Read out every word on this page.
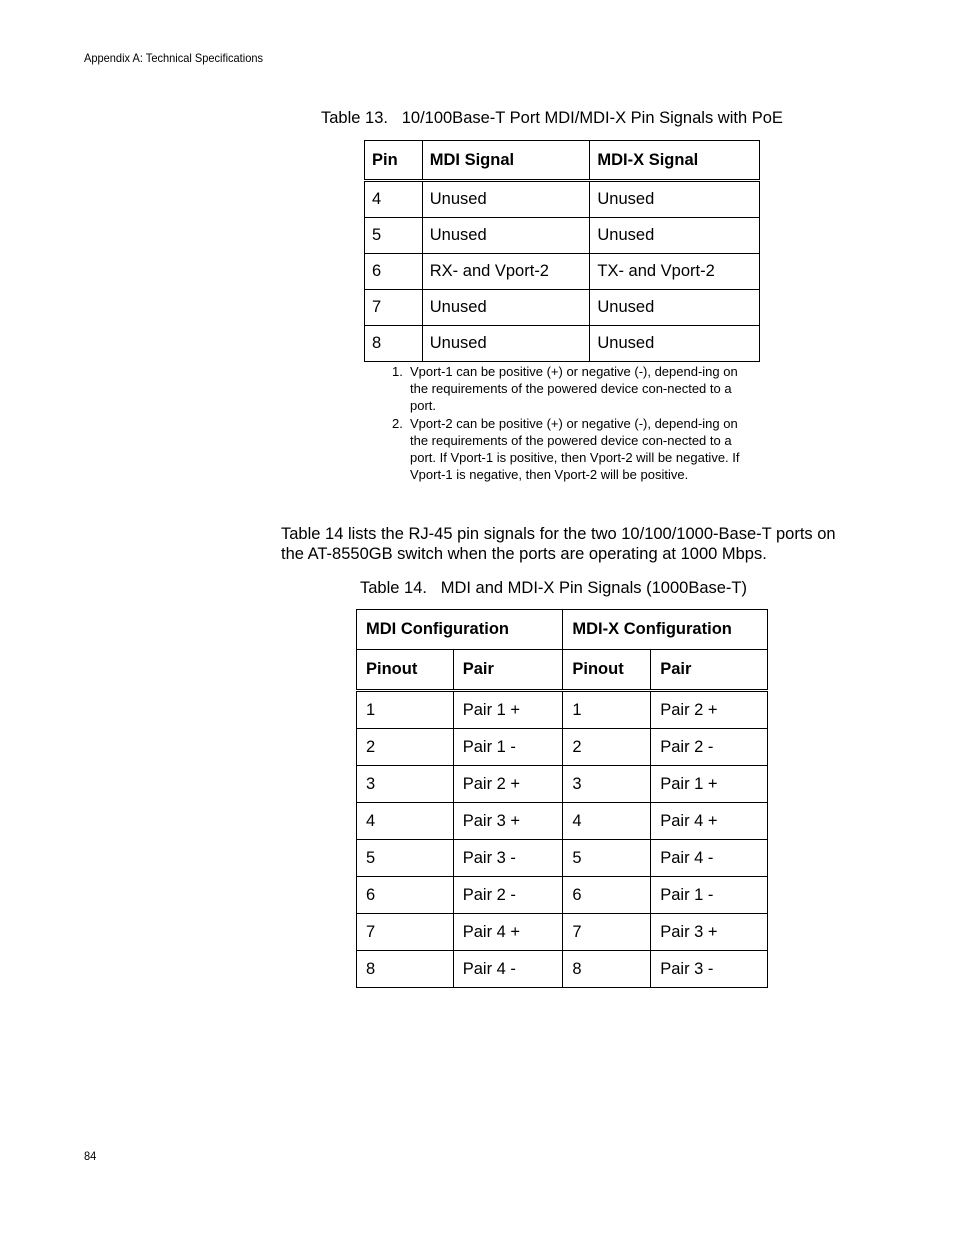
Appendix A: Technical Specifications
Table 13.   10/100Base-T Port MDI/MDI-X Pin Signals with PoE
Pin	MDI Signal	MDI-X Signal
4	Unused	Unused
5	Unused	Unused
6	RX- and Vport-2	TX- and Vport-2
7	Unused	Unused
8	Unused	Unused
1. Vport-1 can be positive (+) or negative (-), depend-ing on the requirements of the powered device con-nected to a port.
2. Vport-2 can be positive (+) or negative (-), depend-ing on the requirements of the powered device con-nected to a port. If Vport-1 is positive, then Vport-2 will be negative. If Vport-1 is negative, then Vport-2 will be positive.

Table 14 lists the RJ-45 pin signals for the two 10/100/1000-Base-T ports on the AT-8550GB switch when the ports are operating at 1000 Mbps.

Table 14.   MDI and MDI-X Pin Signals (1000Base-T)
MDI Configuration		MDI-X Configuration	
Pinout	Pair	Pinout	Pair
1	Pair 1 +	1	Pair 2 +
2	Pair 1 -	2	Pair 2 -
3	Pair 2 +	3	Pair 1 +
4	Pair 3 +	4	Pair 4 +
5	Pair 3 -	5	Pair 4 -
6	Pair 2 -	6	Pair 1 -
7	Pair 4 +	7	Pair 3 +
8	Pair 4 -	8	Pair 3 -
84
